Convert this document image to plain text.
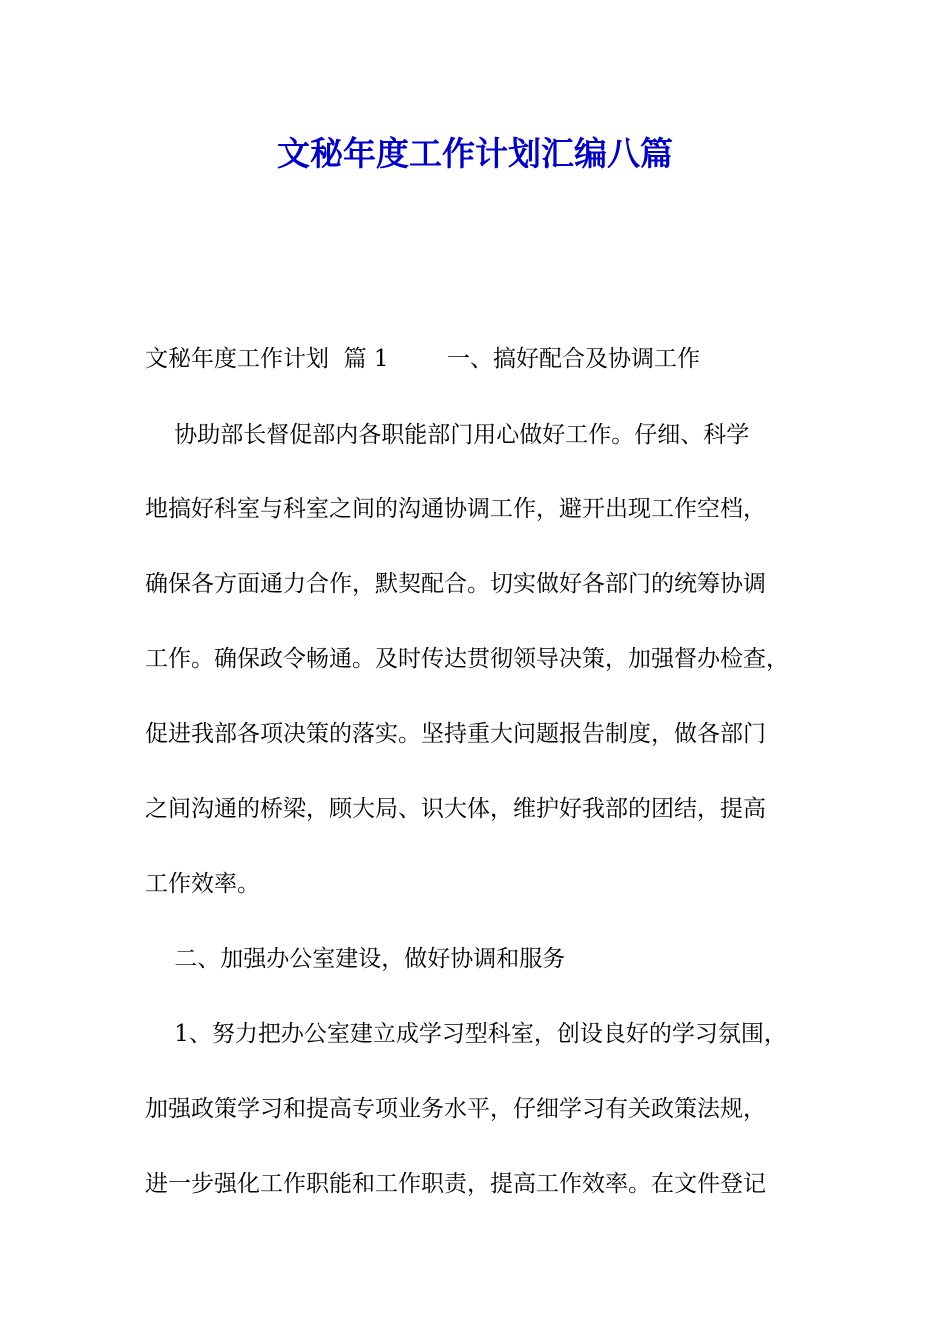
文秘年度工作计划汇编八篇

文秘年度工作计划  篇 1        一、搞好配合及协调工作

协助部长督促部内各职能部门用心做好工作。仔细、科学

地搞好科室与科室之间的沟通协调工作，避开出现工作空档，

确保各方面通力合作，默契配合。切实做好各部门的统筹协调

工作。确保政令畅通。及时传达贯彻领导决策，加强督办检查，

促进我部各项决策的落实。坚持重大问题报告制度，做各部门

之间沟通的桥梁，顾大局、识大体，维护好我部的团结，提高

工作效率。

二、加强办公室建设，做好协调和服务

1、努力把办公室建立成学习型科室，创设良好的学习氛围，

加强政策学习和提高专项业务水平，仔细学习有关政策法规，

进一步强化工作职能和工作职责，提高工作效率。在文件登记
